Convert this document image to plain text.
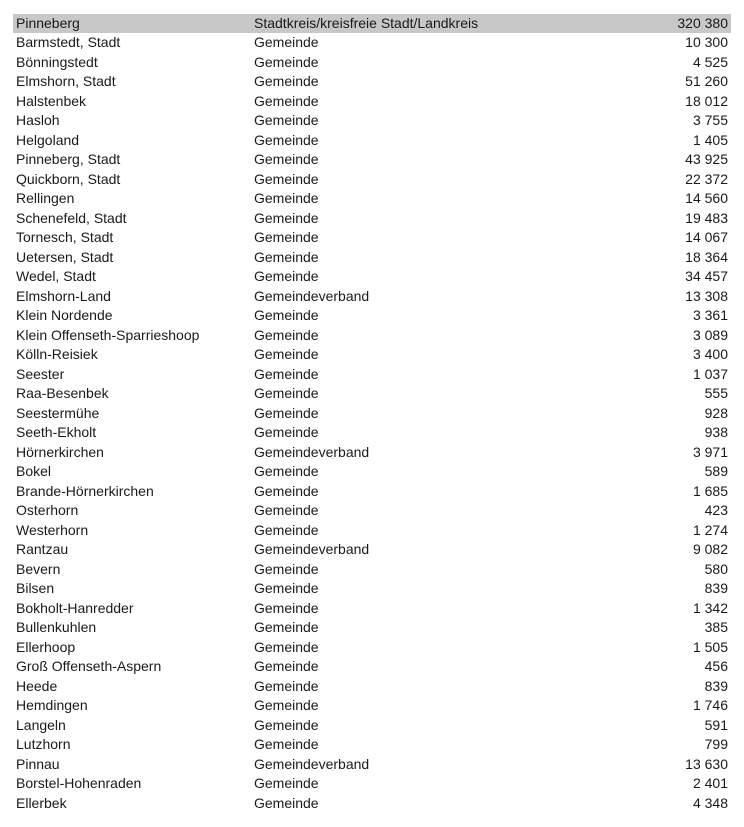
Pinneberg	Stadtkreis/kreisfreie Stadt/Landkreis	320 380
Barmstedt, Stadt	Gemeinde	10 300
Bönningstedt	Gemeinde	4 525
Elmshorn, Stadt	Gemeinde	51 260
Halstenbek	Gemeinde	18 012
Hasloh	Gemeinde	3 755
Helgoland	Gemeinde	1 405
Pinneberg, Stadt	Gemeinde	43 925
Quickborn, Stadt	Gemeinde	22 372
Rellingen	Gemeinde	14 560
Schenefeld, Stadt	Gemeinde	19 483
Tornesch, Stadt	Gemeinde	14 067
Uetersen, Stadt	Gemeinde	18 364
Wedel, Stadt	Gemeinde	34 457
Elmshorn-Land	Gemeindeverband	13 308
Klein Nordende	Gemeinde	3 361
Klein Offenseth-Sparrieshoop	Gemeinde	3 089
Kölln-Reisiek	Gemeinde	3 400
Seester	Gemeinde	1 037
Raa-Besenbek	Gemeinde	555
Seestermühe	Gemeinde	928
Seeth-Ekholt	Gemeinde	938
Hörnerkirchen	Gemeindeverband	3 971
Bokel	Gemeinde	589
Brande-Hörnerkirchen	Gemeinde	1 685
Osterhorn	Gemeinde	423
Westerhorn	Gemeinde	1 274
Rantzau	Gemeindeverband	9 082
Bevern	Gemeinde	580
Bilsen	Gemeinde	839
Bokholt-Hanredder	Gemeinde	1 342
Bullenkuhlen	Gemeinde	385
Ellerhoop	Gemeinde	1 505
Groß Offenseth-Aspern	Gemeinde	456
Heede	Gemeinde	839
Hemdingen	Gemeinde	1 746
Langeln	Gemeinde	591
Lutzhorn	Gemeinde	799
Pinnau	Gemeindeverband	13 630
Borstel-Hohenraden	Gemeinde	2 401
Ellerbek	Gemeinde	4 348
